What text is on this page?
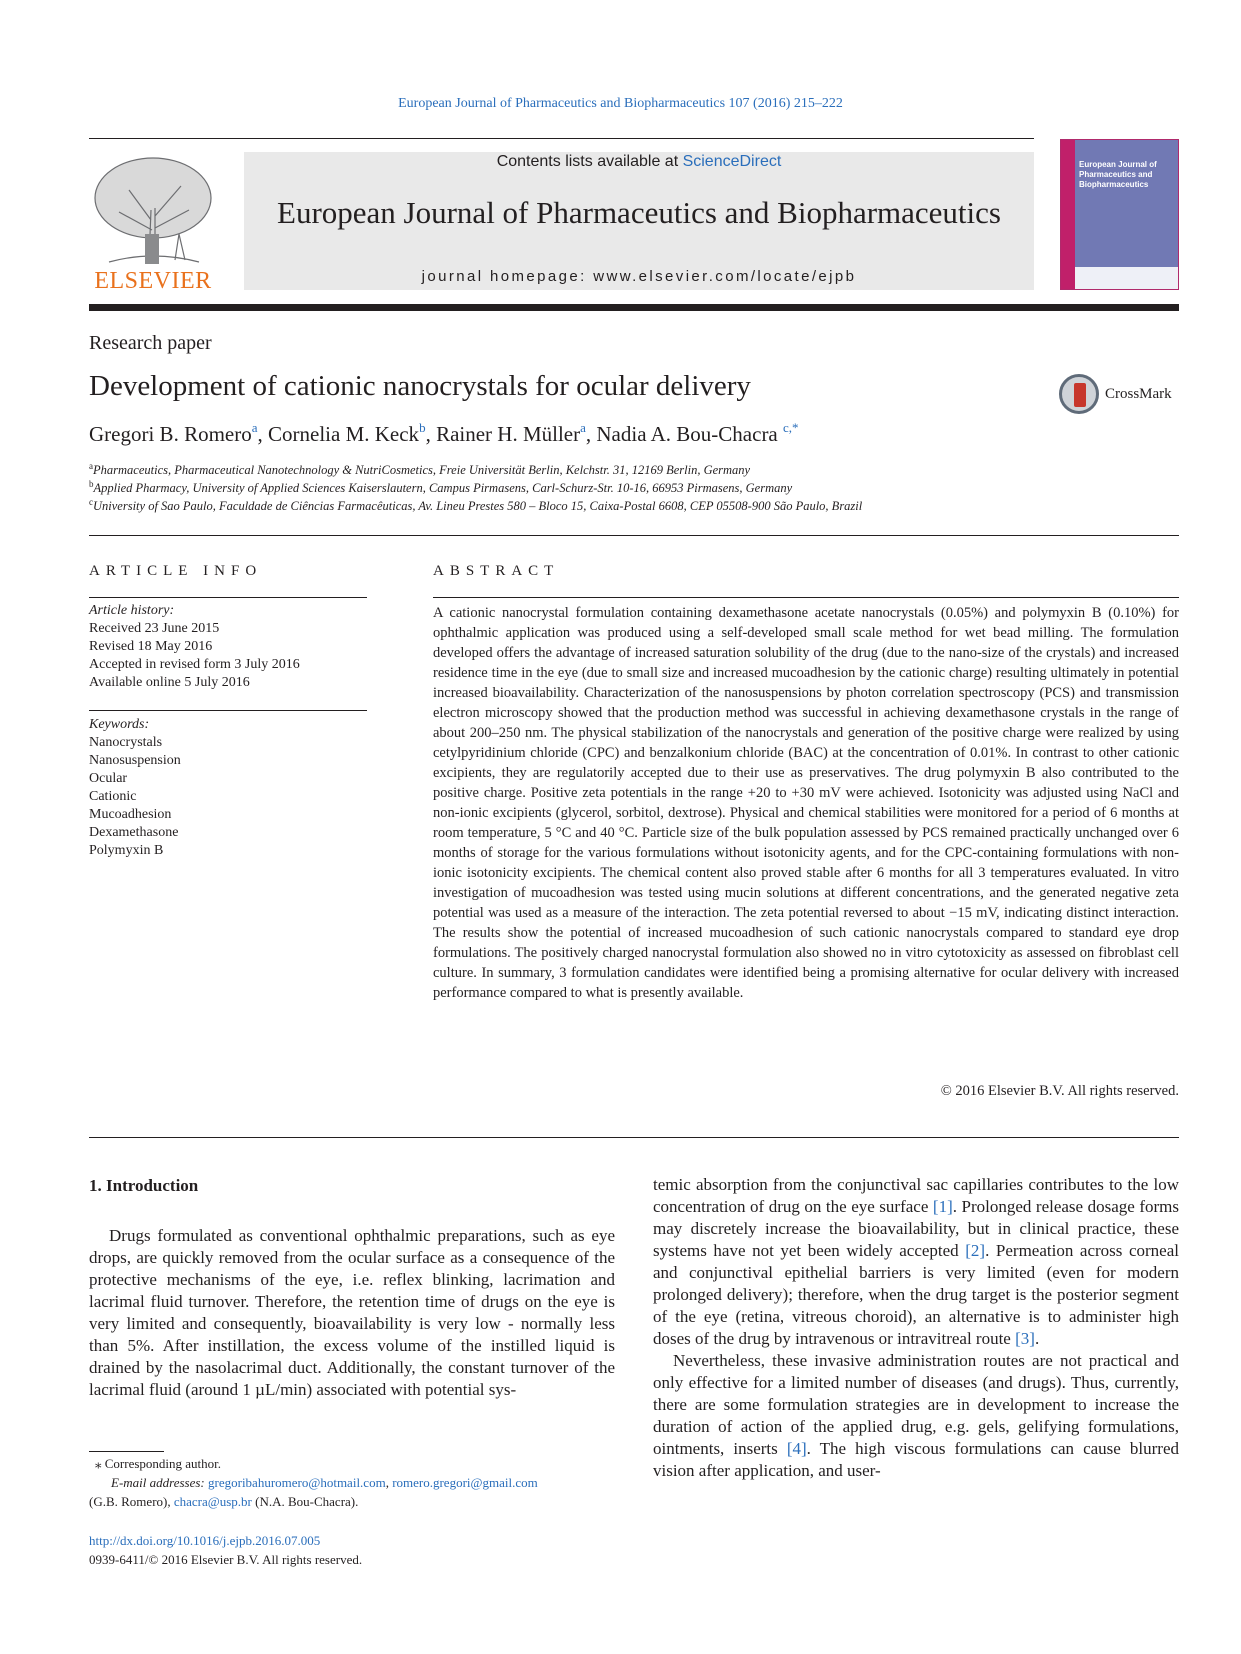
European Journal of Pharmaceutics and Biopharmaceutics 107 (2016) 215–222
ELSEVIER
Contents lists available at ScienceDirect
European Journal of Pharmaceutics and Biopharmaceutics
journal homepage: www.elsevier.com/locate/ejpb
European Journal of Pharmaceutics and Biopharmaceutics
Research paper
Development of cationic nanocrystals for ocular delivery	CrossMark
Gregori B. Romero$^a$, Cornelia M. Keck$^b$, Rainer H. Müller$^a$, Nadia A. Bou-Chacra $^{c,*}$
$^a$Pharmaceutics, Pharmaceutical Nanotechnology & NutriCosmetics, Freie Universität Berlin, Kelchstr. 31, 12169 Berlin, Germany
$^b$Applied Pharmacy, University of Applied Sciences Kaiserslautern, Campus Pirmasens, Carl-Schurz-Str. 10-16, 66953 Pirmasens, Germany
$^c$University of Sao Paulo, Faculdade de Ciências Farmacêuticas, Av. Lineu Prestes 580 – Bloco 15, Caixa-Postal 6608, CEP 05508-900 São Paulo, Brazil
ARTICLE INFO	ABSTRACT
Article history:
Received 23 June 2015
Revised 18 May 2016
Accepted in revised form 3 July 2016
Available online 5 July 2016
Keywords:
Nanocrystals
Nanosuspension
Ocular
Cationic
Mucoadhesion
Dexamethasone
Polymyxin B
A cationic nanocrystal formulation containing dexamethasone acetate nanocrystals (0.05%) and polymyxin B (0.10%) for ophthalmic application was produced using a self-developed small scale method for wet bead milling. The formulation developed offers the advantage of increased saturation solubility of the drug (due to the nano-size of the crystals) and increased residence time in the eye (due to small size and increased mucoadhesion by the cationic charge) resulting ultimately in potential increased bioavailability. Characterization of the nanosuspensions by photon correlation spectroscopy (PCS) and transmission electron microscopy showed that the production method was successful in achieving dexamethasone crystals in the range of about 200–250 nm. The physical stabilization of the nanocrystals and generation of the positive charge were realized by using cetylpyridinium chloride (CPC) and benzalkonium chloride (BAC) at the concentration of 0.01%. In contrast to other cationic excipients, they are regulatorily accepted due to their use as preservatives. The drug polymyxin B also contributed to the positive charge. Positive zeta potentials in the range +20 to +30 mV were achieved. Isotonicity was adjusted using NaCl and non-ionic excipients (glycerol, sorbitol, dextrose). Physical and chemical stabilities were monitored for a period of 6 months at room temperature, 5 °C and 40 °C. Particle size of the bulk population assessed by PCS remained practically unchanged over 6 months of storage for the various formulations without isotonicity agents, and for the CPC-containing formulations with non-ionic isotonicity excipients. The chemical content also proved stable after 6 months for all 3 temperatures evaluated. In vitro investigation of mucoadhesion was tested using mucin solutions at different concentrations, and the generated negative zeta potential was used as a measure of the interaction. The zeta potential reversed to about −15 mV, indicating distinct interaction. The results show the potential of increased mucoadhesion of such cationic nanocrystals compared to standard eye drop formulations. The positively charged nanocrystal formulation also showed no in vitro cytotoxicity as assessed on fibroblast cell culture. In summary, 3 formulation candidates were identified being a promising alternative for ocular delivery with increased performance compared to what is presently available.
© 2016 Elsevier B.V. All rights reserved.
1. Introduction
Drugs formulated as conventional ophthalmic preparations, such as eye drops, are quickly removed from the ocular surface as a consequence of the protective mechanisms of the eye, i.e. reflex blinking, lacrimation and lacrimal fluid turnover. Therefore, the retention time of drugs on the eye is very limited and consequently, bioavailability is very low - normally less than 5%. After instillation, the excess volume of the instilled liquid is drained by the nasolacrimal duct. Additionally, the constant turnover of the lacrimal fluid (around 1 µL/min) associated with potential sys-

temic absorption from the conjunctival sac capillaries contributes to the low concentration of drug on the eye surface [1]. Prolonged release dosage forms may discretely increase the bioavailability, but in clinical practice, these systems have not yet been widely accepted [2]. Permeation across corneal and conjunctival epithelial barriers is very limited (even for modern prolonged delivery); therefore, when the drug target is the posterior segment of the eye (retina, vitreous choroid), an alternative is to administer high doses of the drug by intravenous or intravitreal route [3].

Nevertheless, these invasive administration routes are not practical and only effective for a limited number of diseases (and drugs). Thus, currently, there are some formulation strategies are in development to increase the duration of action of the applied drug, e.g. gels, gelifying formulations, ointments, inserts [4]. The high viscous formulations can cause blurred vision after application, and user-

⁎ Corresponding author.
E-mail addresses: gregoribahuromero@hotmail.com, romero.gregori@gmail.com
(G.B. Romero), chacra@usp.br (N.A. Bou-Chacra).
http://dx.doi.org/10.1016/j.ejpb.2016.07.005
0939-6411/© 2016 Elsevier B.V. All rights reserved.
